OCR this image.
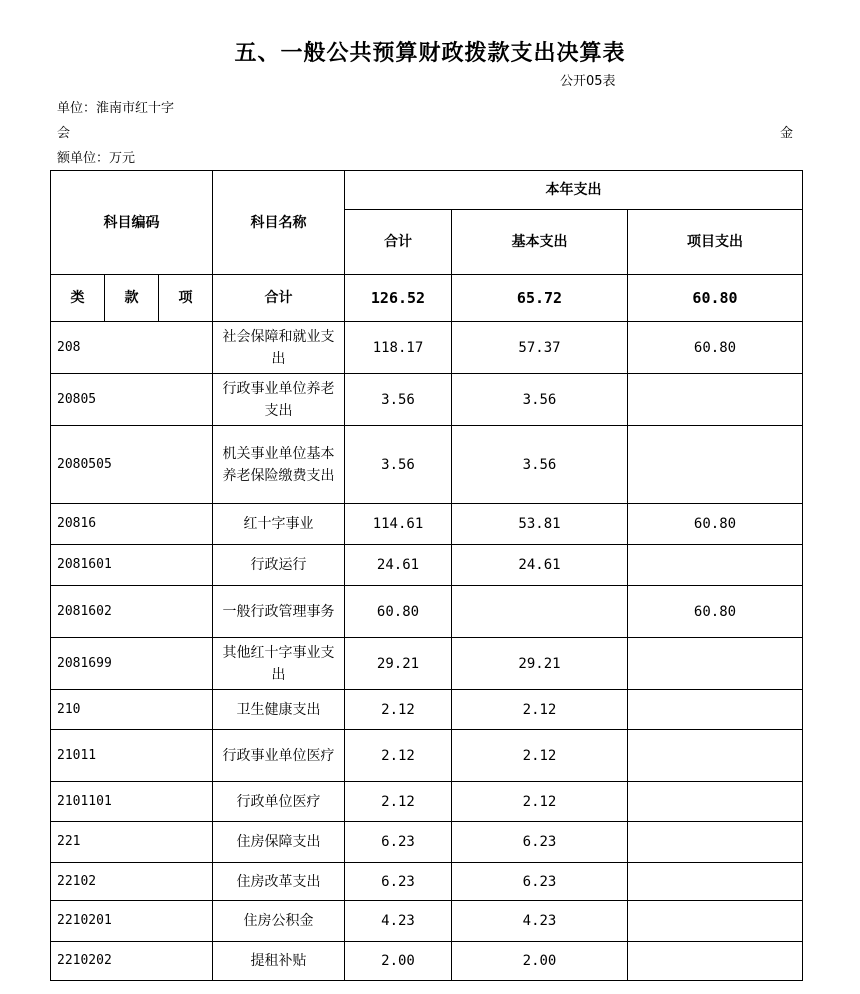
五、一般公共预算财政拨款支出决算表
公开05表
单位：淮南市红十字
会	金
额单位：万元
科目编码			科目名称	本年支出		
				合计	基本支出	项目支出
类	款	项	合计	126.52	65.72	60.80
208			社会保障和就业支出	118.17	57.37	60.80
20805			行政事业单位养老支出	3.56	3.56	
2080505			机关事业单位基本养老保险缴费支出	3.56	3.56	
20816			红十字事业	114.61	53.81	60.80
2081601			行政运行	24.61	24.61	
2081602			一般行政管理事务	60.80		60.80
2081699			其他红十字事业支出	29.21	29.21	
210			卫生健康支出	2.12	2.12	
21011			行政事业单位医疗	2.12	2.12	
2101101			行政单位医疗	2.12	2.12	
221			住房保障支出	6.23	6.23	
22102			住房改革支出	6.23	6.23	
2210201			住房公积金	4.23	4.23	
2210202			提租补贴	2.00	2.00	
